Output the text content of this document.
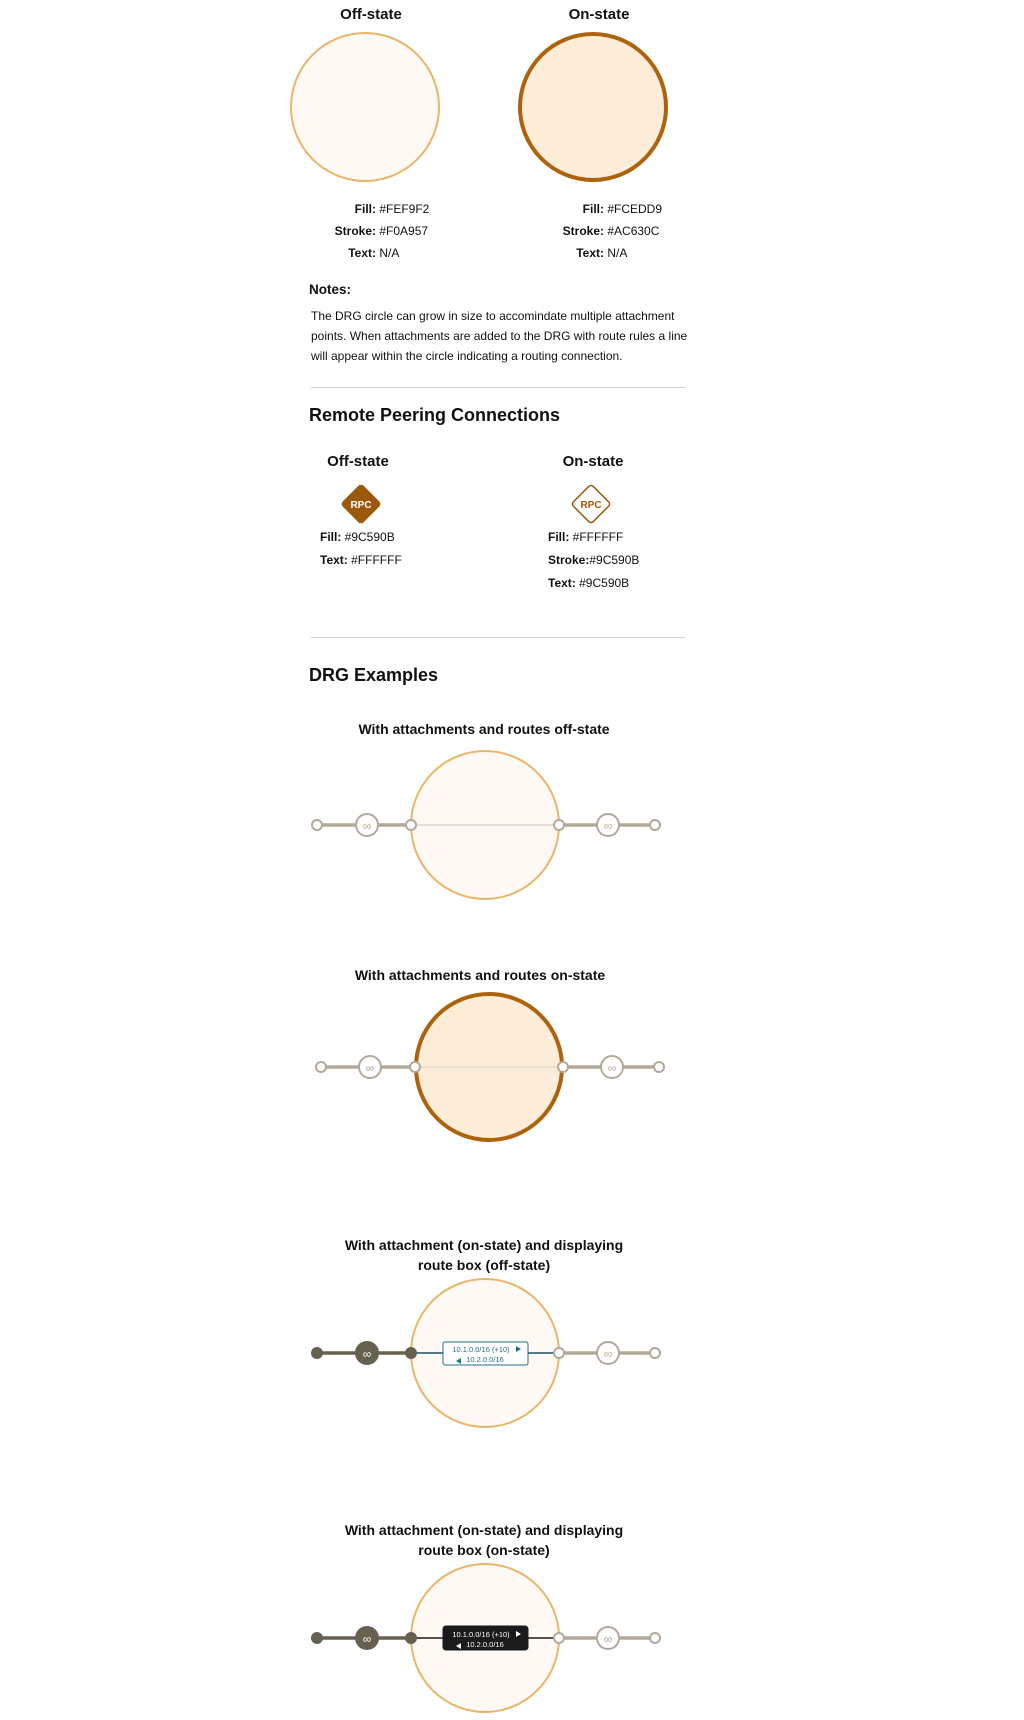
Off-state	On-state
Fill:
#FEF9F2
Stroke:
#F0A957
Text:
N/A
Fill:
#FCEDD9
Stroke:
#AC630C
Text:
N/A
Notes:
The DRG circle can grow in size to accomindate multiple attachment points. When attachments are added to the DRG with route rules a line will appear within the circle indicating a routing connection.
Remote Peering Connections
Off-state	On-state
RPC	RPC
Fill: #9C590B
Text: #FFFFFF
Fill: #FFFFFF
Stroke:#9C590B
Text: #9C590B
DRG Examples
With attachments and routes off-state
∞	∞
With attachments and routes on-state
∞	∞
With attachment (on-state) and displaying route box (off-state)
∞	∞
10.1.0.0/16 (+10)
10.2.0.0/16
With attachment (on-state) and displaying route box (on-state)
∞	∞
10.1.0.0/16 (+10)
10.2.0.0/16
